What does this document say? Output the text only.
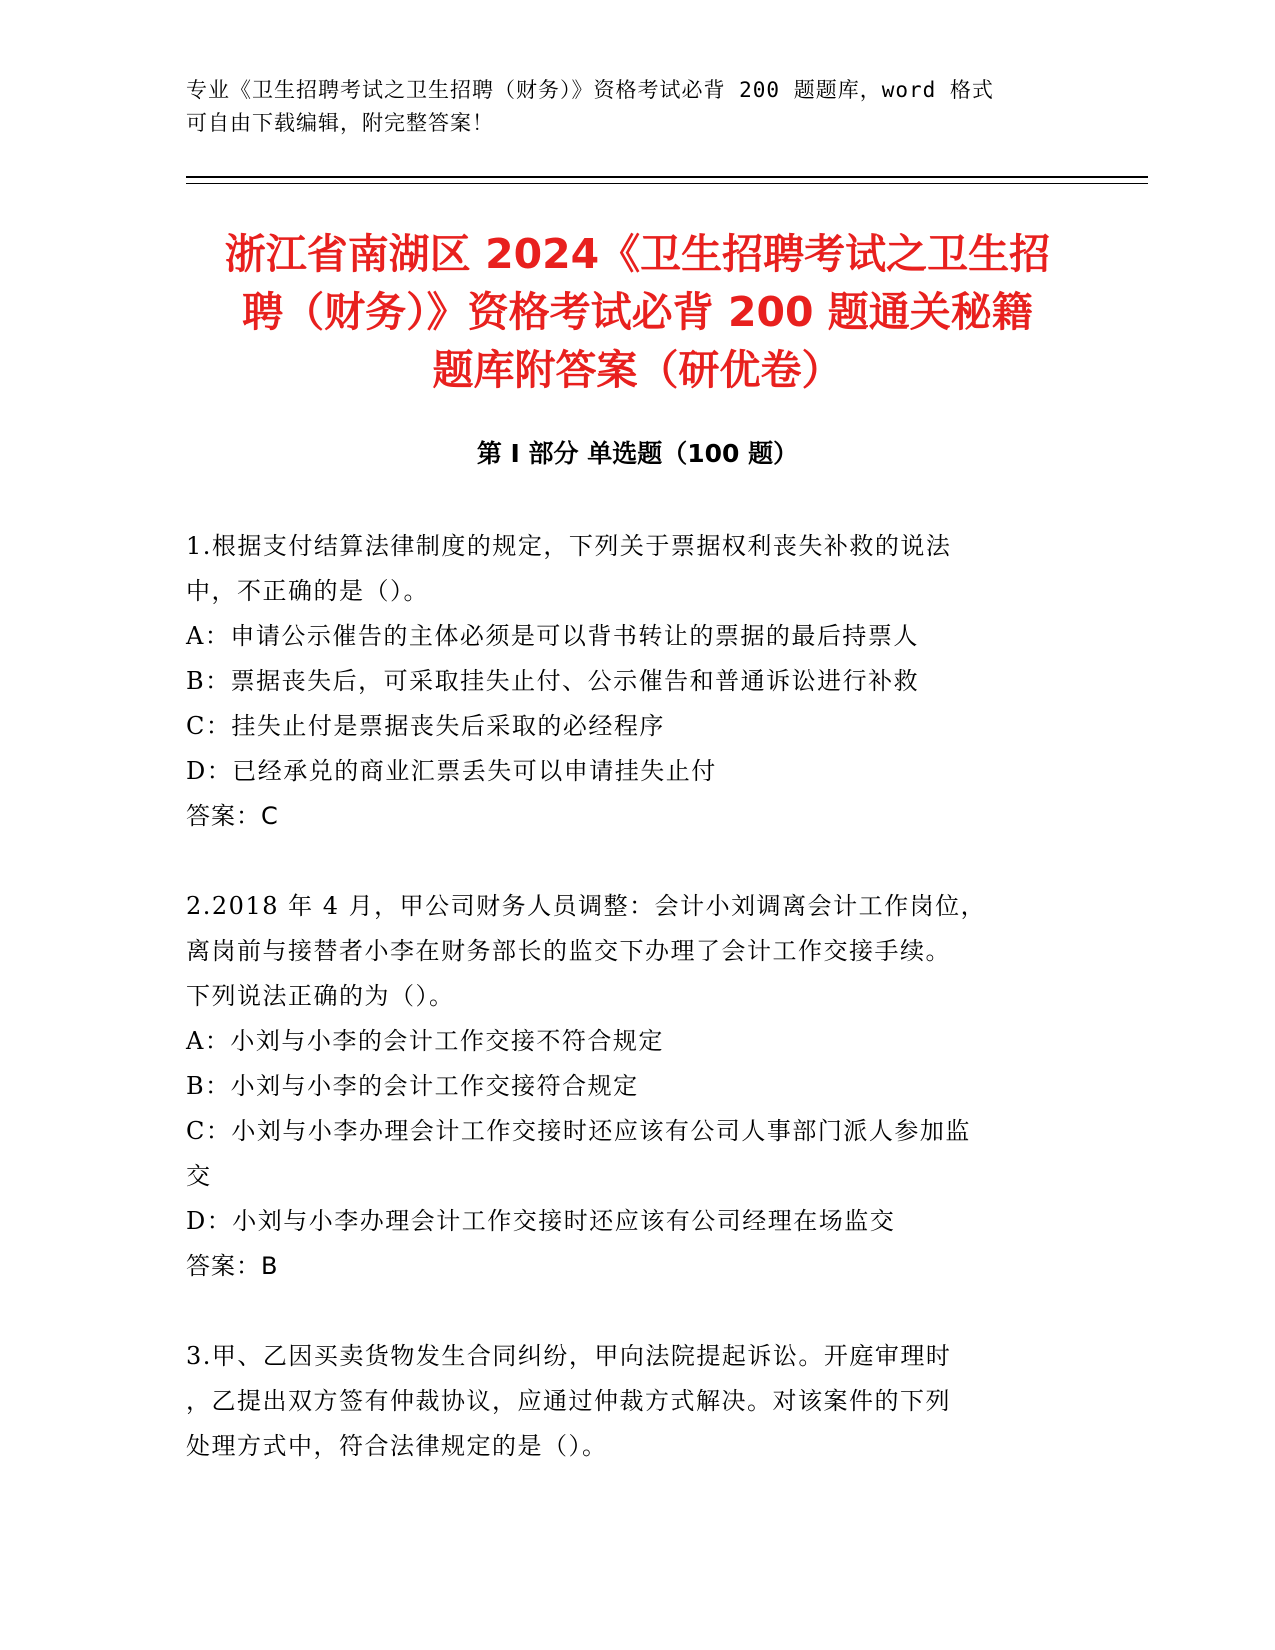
专业《卫生招聘考试之卫生招聘（财务）》资格考试必背 200 题题库，word 格式
可自由下载编辑，附完整答案！
浙江省南湖区 2024《卫生招聘考试之卫生招
聘（财务）》资格考试必背 200 题通关秘籍
题库附答案（研优卷）
第 I 部分 单选题（100 题）
1.根据支付结算法律制度的规定，下列关于票据权利丧失补救的说法
中，不正确的是（）。
A：申请公示催告的主体必须是可以背书转让的票据的最后持票人
B：票据丧失后，可采取挂失止付、公示催告和普通诉讼进行补救
C：挂失止付是票据丧失后采取的必经程序
D：已经承兑的商业汇票丢失可以申请挂失止付
答案：C
2.2018 年 4 月，甲公司财务人员调整：会计小刘调离会计工作岗位，
离岗前与接替者小李在财务部长的监交下办理了会计工作交接手续。
下列说法正确的为（）。
A：小刘与小李的会计工作交接不符合规定
B：小刘与小李的会计工作交接符合规定
C：小刘与小李办理会计工作交接时还应该有公司人事部门派人参加监
交
D：小刘与小李办理会计工作交接时还应该有公司经理在场监交
答案：B
3.甲、乙因买卖货物发生合同纠纷，甲向法院提起诉讼。开庭审理时
，乙提出双方签有仲裁协议，应通过仲裁方式解决。对该案件的下列
处理方式中，符合法律规定的是（）。
